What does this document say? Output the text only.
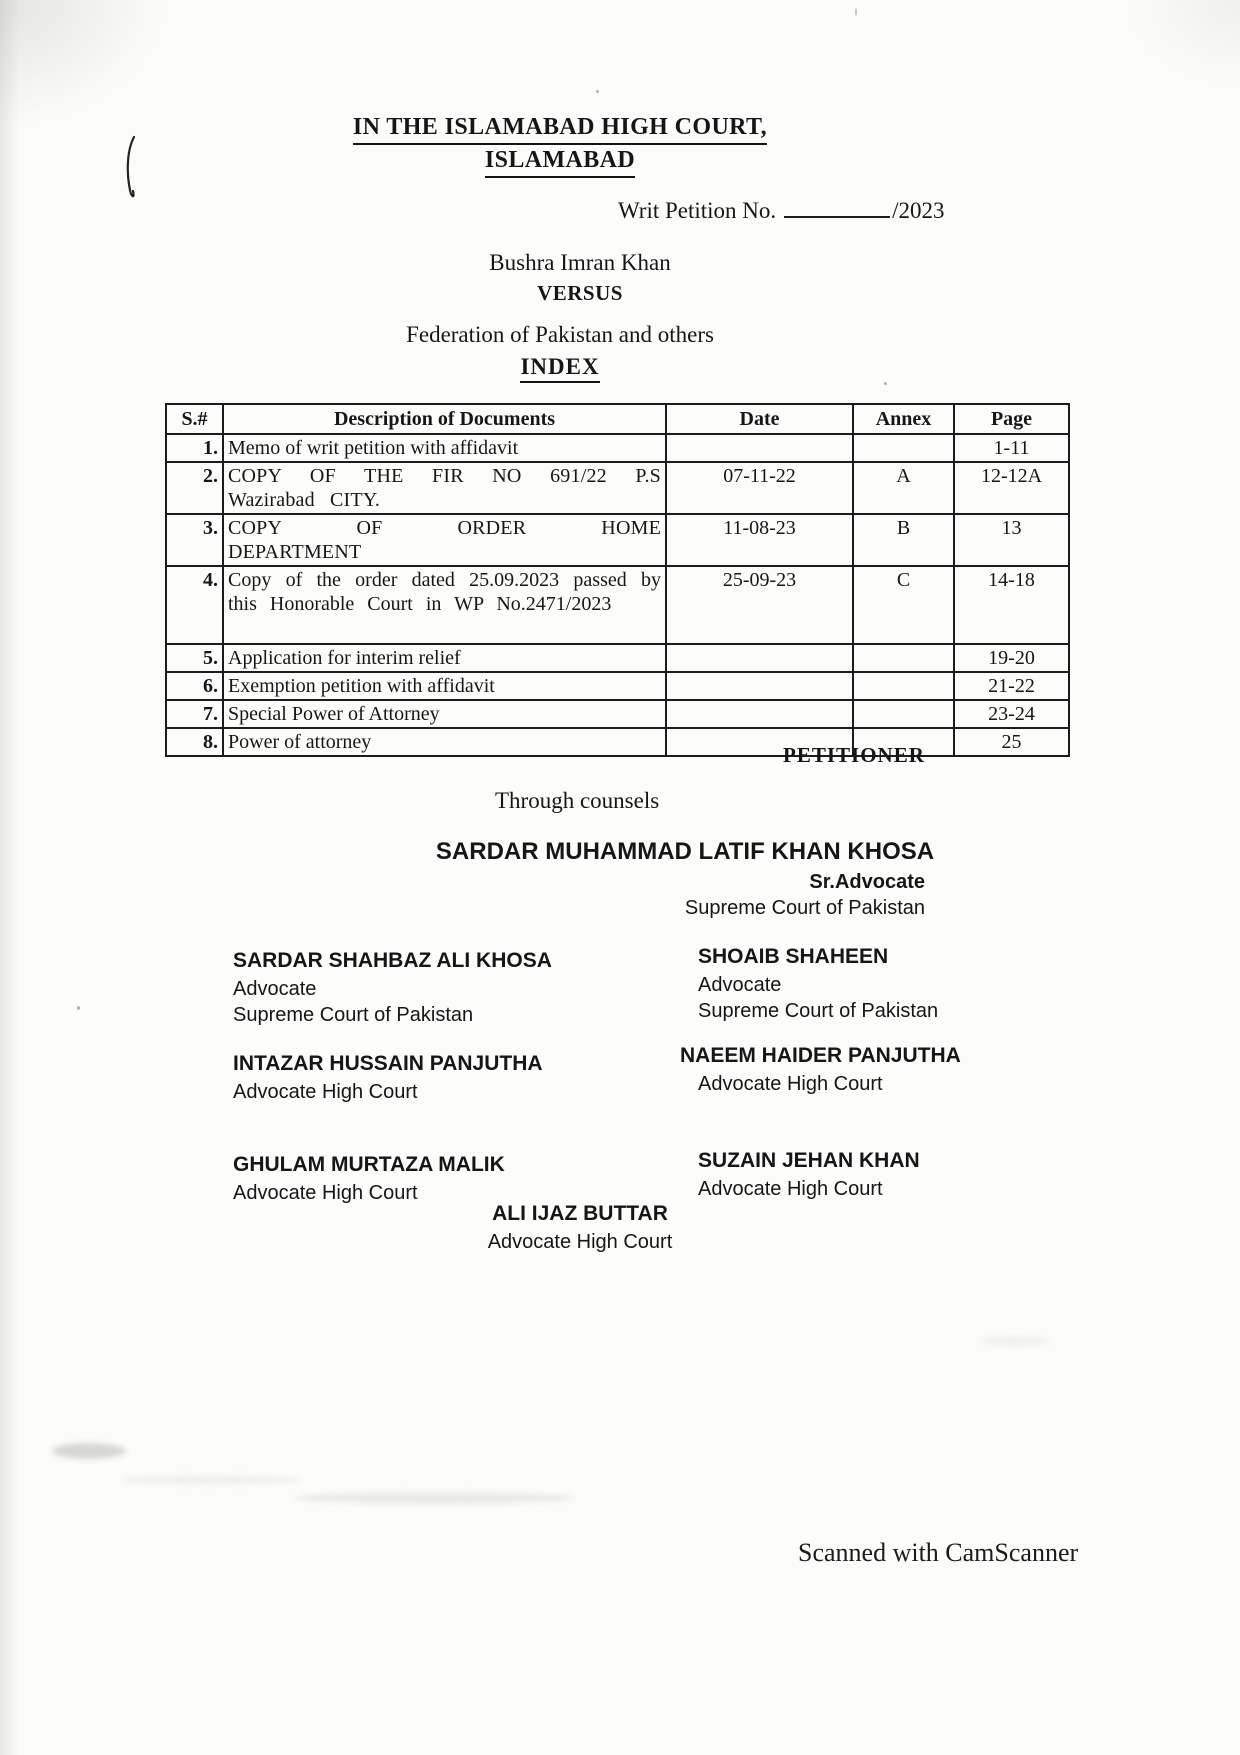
IN THE ISLAMABAD HIGH COURT,
ISLAMABAD
Writ Petition No.	/2023
Bushra Imran Khan
VERSUS
Federation of Pakistan and others
INDEX
S.#	Description of Documents	Date	Annex	Page
1.	Memo of writ petition with affidavit			1-11
2.	COPY OF THE FIR NO 691/22 P.S Wazirabad CITY.	07-11-22	A	12-12A
3.	COPY OF ORDER HOME DEPARTMENT	11-08-23	B	13
4.	Copy of the order dated 25.09.2023 passed by this Honorable Court in WP No.2471/2023	25-09-23	C	14-18
5.	Application for interim relief			19-20
6.	Exemption petition with affidavit			21-22
7.	Special Power of Attorney			23-24
8.	Power of attorney			25
PETITIONER
Through counsels
SARDAR MUHAMMAD LATIF KHAN KHOSA
Sr.Advocate
Supreme Court of Pakistan
SARDAR SHAHBAZ ALI KHOSA
Advocate
Supreme Court of Pakistan
INTAZAR HUSSAIN PANJUTHA
Advocate High Court
GHULAM MURTAZA MALIK
Advocate High Court
SHOAIB SHAHEEN
Advocate
Supreme Court of Pakistan
NAEEM HAIDER PANJUTHA
Advocate High Court
SUZAIN JEHAN KHAN
Advocate High Court
ALI IJAZ BUTTAR
Advocate High Court
Scanned with CamScanner
